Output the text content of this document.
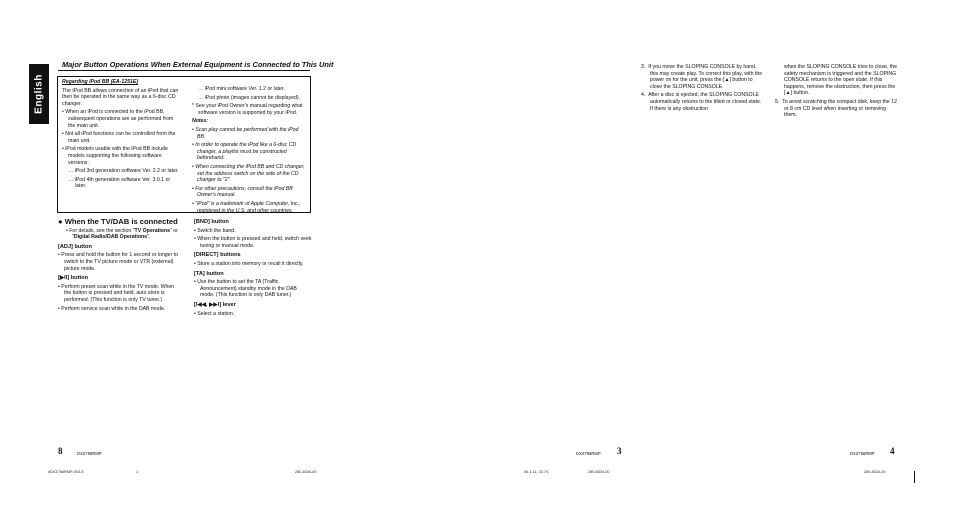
English
Major Button Operations When External Equipment is Connected to This Unit

Regarding iPod BB (EA-1251E)

The iPod BB allows connection of an iPod that can then be operated in the same way as a 6-disc CD changer.

• When an iPod is connected to the iPod BB, subsequent operations are as performed from the main unit.

• Not all iPod functions can be controlled from the main unit.

• iPod models usable with the iPod BB include models supporting the following software versions:

… iPod 3rd generation software Ver. 2.2 or later.

… iPod 4th generation software Ver. 3.0.1 or later.

… iPod mini software Ver. 1.2 or later.

… iPod photo (images cannot be displayed).

* See your iPod Owner's manual regarding what software version is supported by your iPod.

Notes:

• Scan play cannot be performed with the iPod BB.

• In order to operate the iPod like a 6-disc CD changer, a playlist must be constructed beforehand.

• When connecting the iPod BB and CD changer, set the address switch on the side of the CD changer to "2".

• For other precautions, consult the iPod BB Owner's manual.

• "iPod" is a trademark of Apple Computer, Inc., registered in the U.S. and other countries.

● When the TV/DAB is connected

• For details, see the section "TV Operations" or "Digital Radio/DAB Operations".

[ADJ] button

• Press and hold the button for 1 second or longer to switch to the TV picture mode or VTR (external) picture mode.

[▶II] button

• Perform preset scan while in the TV mode. When the button is pressed and held, auto store is performed. (This function is only TV tuner.)

• Perform service scan while in the DAB mode.

[BND] button

• Switch the band.

• When the button is pressed and held, switch seek tuning or manual mode.

[DIRECT] buttons

• Store a station into memory or recall it directly.

[TA] button

• Use the button to set the TA (Traffic Announcement) standby mode in the DAB mode. (This function is only DAB tuner.)

[I◀◀, ▶▶I] lever

• Select a station.

3. If you move the SLOPING CONSOLE by hand, this may create play. To correct this play, with the power on for the unit, press the [▲] button to close the SLOPING CONSOLE.

4. After a disc is ejected, the SLOPING CONSOLE automatically returns to the tilted or closed state. If there is any obstruction

when the SLOPING CONSOLE tries to close, the safety mechanism is triggered and the SLOPING CONSOLE returns to the open state. If this happens, remove the obstruction, then press the [▲] button.

5. To avoid scratching the compact disk, keep the 12 or 8 cm CD level when inserting or removing them.

8	DXZ768RMP	DXZ768RMP 3	DXZ768RMP 4
dDXZ768RMP-003-E	1	280-8334-00	06.1.11, 21:74	280-8334-00	280-8334-00
